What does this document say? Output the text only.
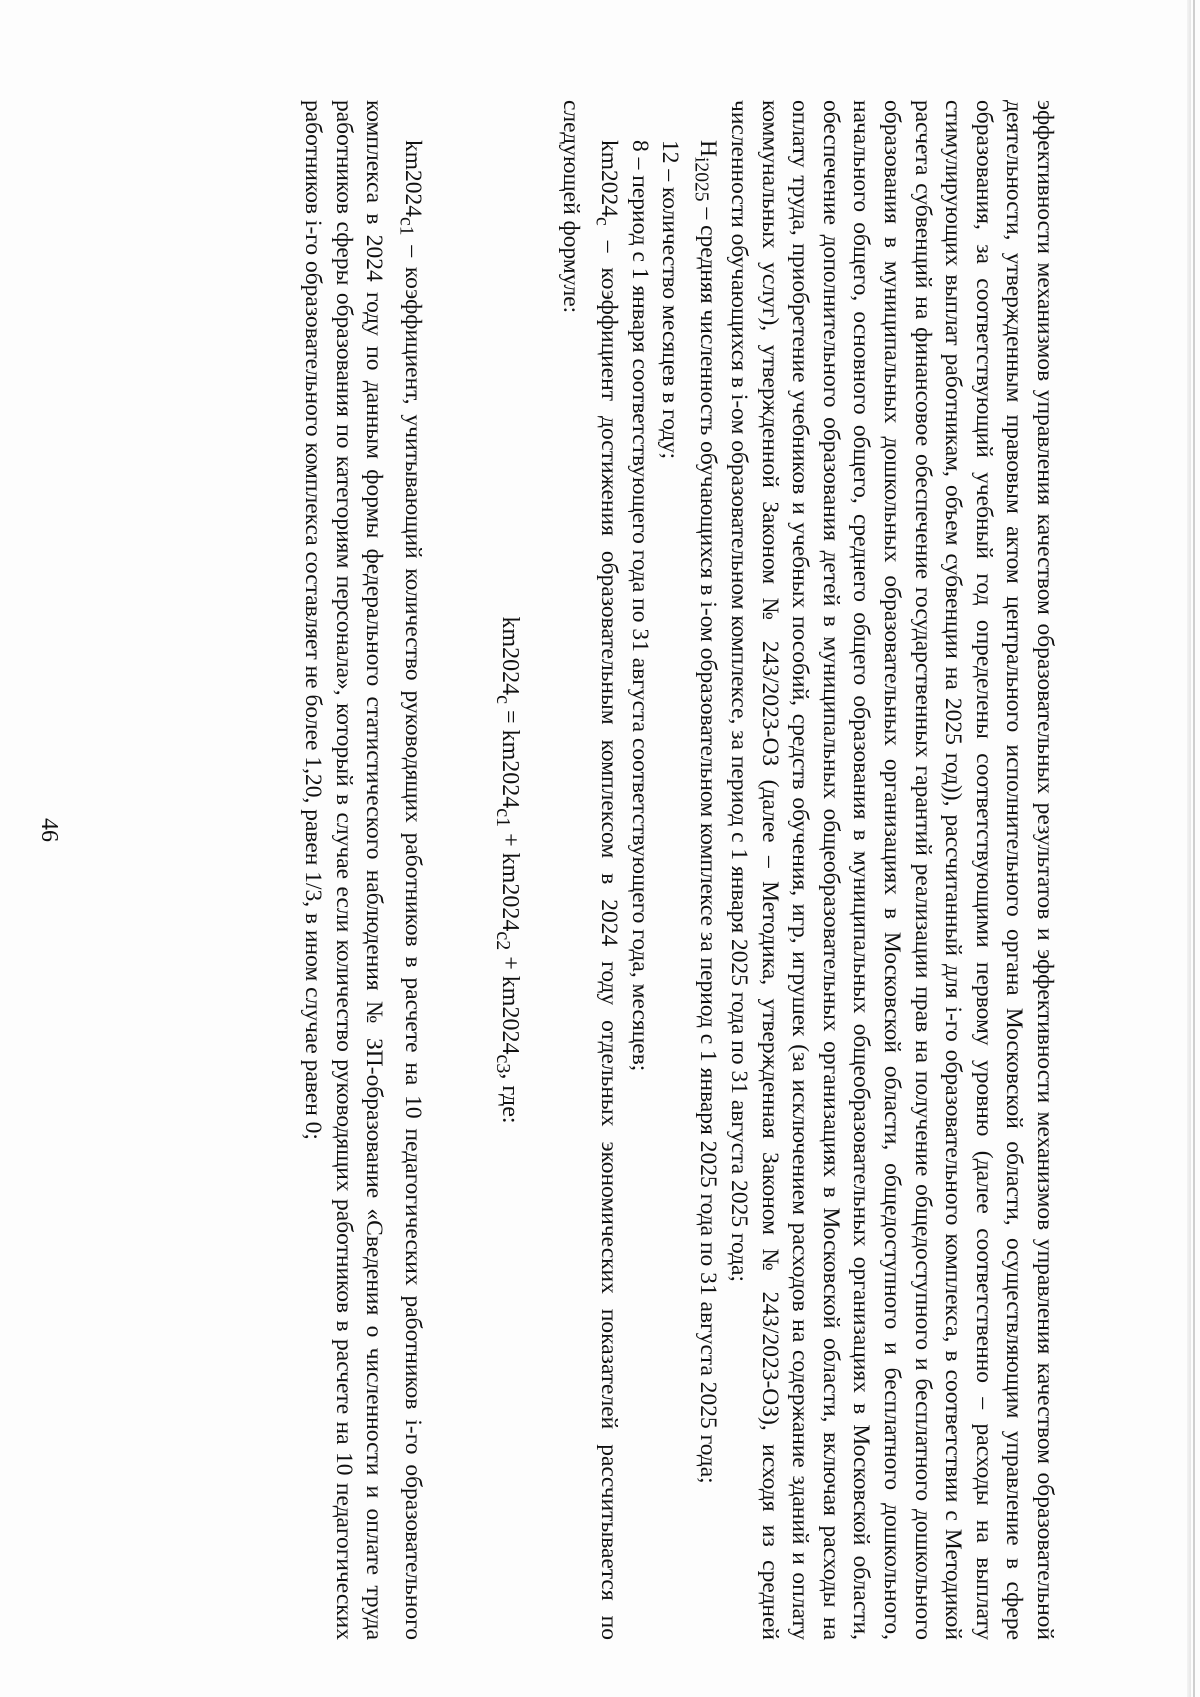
46	эффективности механизмов управления качеством образовательных результатов и эффективности механизмов управления качеством образовательной деятельности, утвержденным правовым актом центрального исполнительного органа Московской области, осуществляющим управление в сфере образования, за соответствующий учебный год определены соответствующими первому уровню (далее соответственно – расходы на выплату стимулирующих выплат работникам, объем субвенции на 2025 год)), рассчитанный для i-го образовательного комплекса, в соответствии с Методикой расчета субвенций на финансовое обеспечение государственных гарантий реализации прав на получение общедоступного и бесплатного дошкольного образования в муниципальных дошкольных образовательных организациях в Московской области, общедоступного и бесплатного дошкольного, начального общего, основного общего, среднего общего образования в муниципальных общеобразовательных организациях в Московской области, обеспечение дополнительного образования детей в муниципальных общеобразовательных организациях в Московской области, включая расходы на оплату труда, приобретение учебников и учебных пособий, средств обучения, игр, игрушек (за исключением расходов на содержание зданий и оплату коммунальных услуг), утвержденной Законом № 243/2023-ОЗ (далее – Методика, утвержденная Законом № 243/2023-ОЗ), исходя из средней численности обучающихся в i-ом образовательном комплексе, за период с 1 января 2025 года по 31 августа 2025 года;

$Н_{i2025}$ – средняя численность обучающихся в i-ом образовательном комплексе за период с 1 января 2025 года по 31 августа 2025 года;

12 – количество месяцев в году;

8 – период с 1 января соответствующего года по 31 августа соответствующего года, месяцев;

$km2024_c$ – коэффициент достижения образовательным комплексом в 2024 году отдельных экономических показателей рассчитывается по следующей формуле:

$km2024_c = km2024_{c1} + km2024_{c2} + km2024_{c3}$, где:

$km2024_{c1}$ – коэффициент, учитывающий количество руководящих работников в расчете на 10 педагогических работников i-го образовательного комплекса в 2024 году по данным формы федерального статистического наблюдения № ЗП-образование «Сведения о численности и оплате труда работников сферы образования по категориям персонала», который в случае если количество руководящих работников в расчете на 10 педагогических работников i-го образовательного комплекса составляет не более 1,20, равен 1/3, в ином случае равен 0;
